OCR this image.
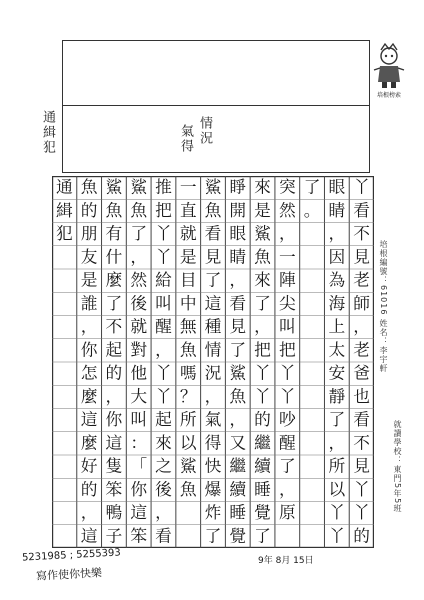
培根榜索
情況
氣得
通緝犯
丫
看
不
見
老
師
，
老
爸
也
看
不
見
丫
丫
的
眼
睛
，
因
為
海
上
太
安
靜
了
，
所
以
丫
丫
了
。
突
然
，
一
陣
尖
叫
把
丫
丫
吵
醒
了
，
原
來
是
鯊
魚
來
了
，
把
丫
丫
的
繼
續
睡
覺
了
睜
開
眼
睛
，
看
見
了
鯊
魚
，
又
繼
續
睡
覺
鯊
魚
看
見
了
這
種
情
況
，
氣
得
快
爆
炸
了
一
直
就
是
目
中
無
魚
嗎
？
所
以
鯊
魚
推
把
丫
丫
給
叫
醒
，
丫
丫
起
來
之
後
，
看
鯊
魚
了
，
然
後
就
對
他
大
叫
：
「
你
這
笨
鯊
魚
有
什
麼
了
不
起
的
，
你
這
隻
笨
鴨
子
魚
的
朋
友
是
誰
，
你
怎
麼
這
麼
好
的
，
這
通
緝
犯
培根編號：61016 姓名：李宇軒
就讀學校：東門5年5班
9年 8月 15日
5231985 ; 5255393
寫作使你快樂
